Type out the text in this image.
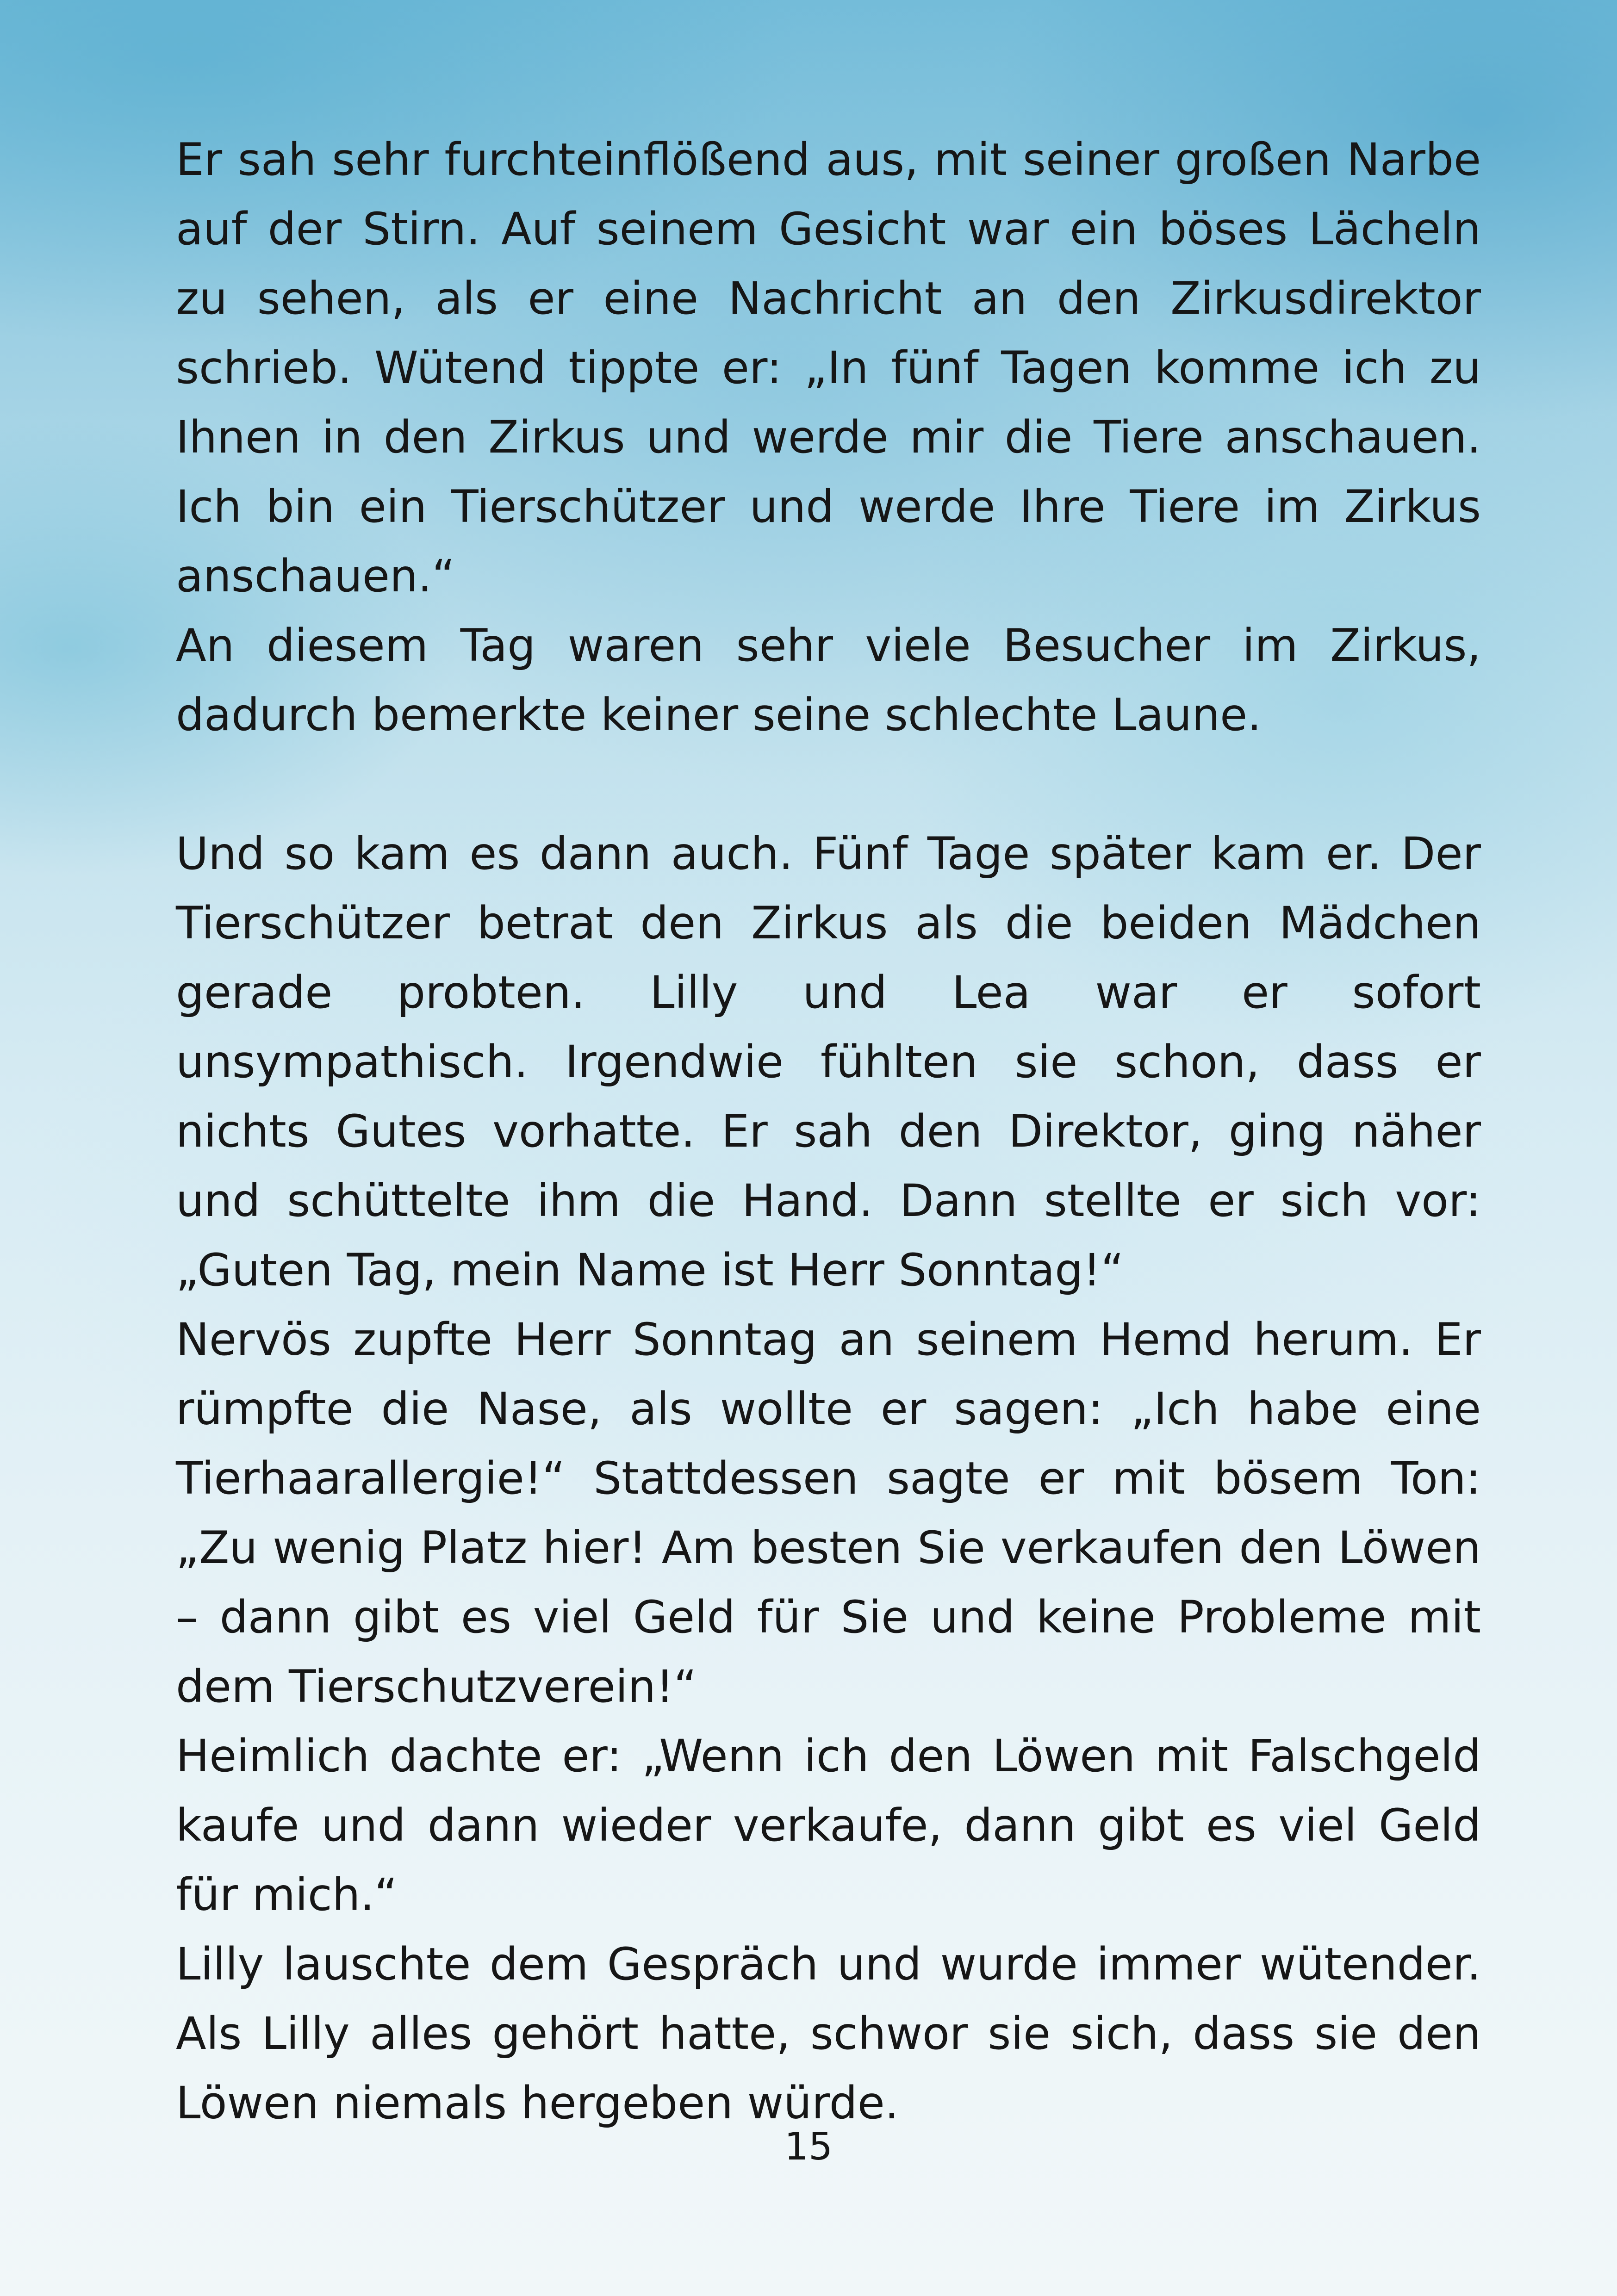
Er sah sehr furchteinflößend aus, mit seiner großen Narbe auf der Stirn. Auf seinem Gesicht war ein böses Lächeln zu sehen, als er eine Nachricht an den Zirkusdirektor schrieb. Wütend tippte er: „In fünf Tagen komme ich zu Ihnen in den Zirkus und werde mir die Tiere anschauen. Ich bin ein Tierschützer und werde Ihre Tiere im Zirkus anschauen.“

An diesem Tag waren sehr viele Besucher im Zirkus, dadurch bemerkte keiner seine schlechte Laune.

Und so kam es dann auch. Fünf Tage später kam er. Der Tierschützer betrat den Zirkus als die beiden Mädchen gerade probten. Lilly und Lea war er sofort unsympathisch. Irgendwie fühlten sie schon, dass er nichts Gutes vorhatte. Er sah den Direktor, ging näher und schüttelte ihm die Hand. Dann stellte er sich vor: „Guten Tag, mein Name ist Herr Sonntag!“

Nervös zupfte Herr Sonntag an seinem Hemd herum. Er rümpfte die Nase, als wollte er sagen: „Ich habe eine Tierhaarallergie!“ Stattdessen sagte er mit bösem Ton: „Zu wenig Platz hier! Am besten Sie verkaufen den Löwen – dann gibt es viel Geld für Sie und keine Probleme mit dem Tierschutzverein!“

Heimlich dachte er: „Wenn ich den Löwen mit Falschgeld kaufe und dann wieder verkaufe, dann gibt es viel Geld für mich.“

Lilly lauschte dem Gespräch und wurde immer wütender. Als Lilly alles gehört hatte, schwor sie sich, dass sie den Löwen niemals hergeben würde.

15
